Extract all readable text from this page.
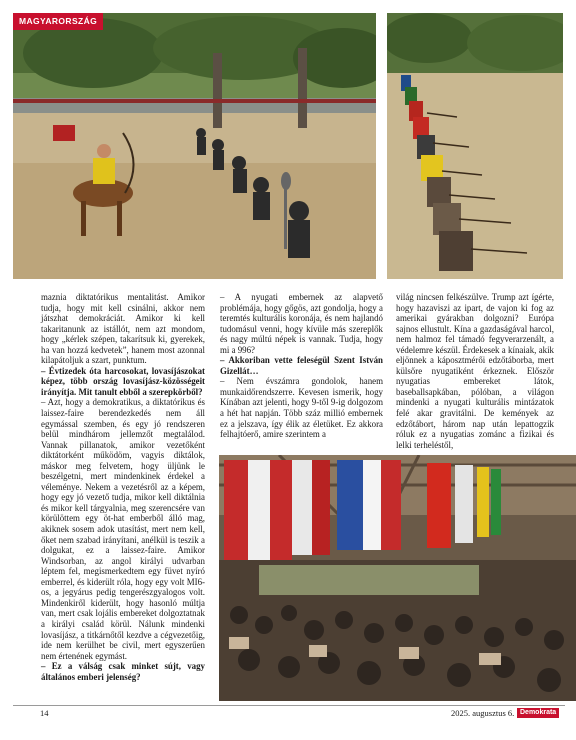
MAGYARORSZÁG

maznia diktatórikus mentalitást. Amikor tudja, hogy mit kell csinálni, akkor nem játszhat demokráciát. Amikor ki kell takaritanunk az istállót, nem azt mondom, hogy „kérlek szépen, takarítsuk ki, gyerekek, ha van hozzá kedvetek”, hanem most azonnal kilapátoljuk a szart, punktum.

– Évtizedek óta harcosokat, lovasíjászokat képez, több ország lovasíjász-közösségeit irányítja. Mit tanult ebből a szerepkörből?

– Azt, hogy a demokratikus, a diktatórikus és laissez-faire berendezkedés nem áll egymással szemben, és egy jó rendszeren belül mindhárom jellemzőt megtalálod. Vannak pillanatok, amikor vezetőként diktátorként működöm, vagyis diktálok, máskor meg felvetem, hogy üljünk le beszélgetni, mert mindenkinek érdekel a véleménye. Nekem a vezetésről az a képem, hogy egy jó vezető tudja, mikor kell diktálnia és mikor kell tárgyalnia, meg szerencsére van körülöttem egy öt-hat emberből álló mag, akiknek sosem adok utasítást, mert nem kell, őket nem szabad irányítani, anélkül is teszik a dolgukat, ez a laissez-faire. Amikor Windsorban, az angol királyi udvarban léptem fel, megismerkedtem egy füvet nyíró emberrel, és kiderült róla, hogy egy volt MI6-os, a jegyárus pedig tengerészgyalogos volt. Mindenkiről kiderült, hogy hasonló múltja van, mert csak lojális embereket dolgoztatnak a királyi család körül. Nálunk mindenki lovasíjász, a titkárnőtől kezdve a cégvezetőig, ide nem kerülhet be civil, mert egyszerűen nem értenének egymást.

– Ez a válság csak minket sújt, vagy általános emberi jelenség?

– A nyugati embernek az alapvető problémája, hogy gőgös, azt gondolja, hogy a teremtés kulturális koronája, és nem hajlandó tudomásul venni, hogy kívüle más szereplők és nagy múltú népek is vannak. Tudja, hogy mi a 996?

– Akkoriban vette feleségül Szent István Gizellát…

– Nem évszámra gondolok, hanem munkaidőrendszerre. Kevesen ismerik, hogy Kínában azt jelenti, hogy 9-től 9-ig dolgozom a hét hat napján. Több száz millió embernek ez a jelszava, így élik az életüket. Ez akkora felhajtóerő, amire szerintem a

világ nincsen felkészülve. Trump azt ígérte, hogy hazaviszi az ipart, de vajon ki fog az amerikai gyárakban dolgozni? Európa sajnos ellustult. Kína a gazdaságával harcol, nem halmoz fel támadó fegyverarzenált, a védelemre készül. Érdekesek a kínaiak, akik eljönnek a káposztmérői edzőtáborba, mert külsőre nyugatiként érkeznek. Először nyugatias embereket látok, baseballsapkában, pólóban, a világon mindenki a nyugati kulturális mintázatok felé akar gravitálni. De kemények az edzőtábort, három nap után lepattogzik róluk ez a nyugatias zománc a fizikai és lelki terheléstől,

14	2025. augusztus 6. Demokrata
